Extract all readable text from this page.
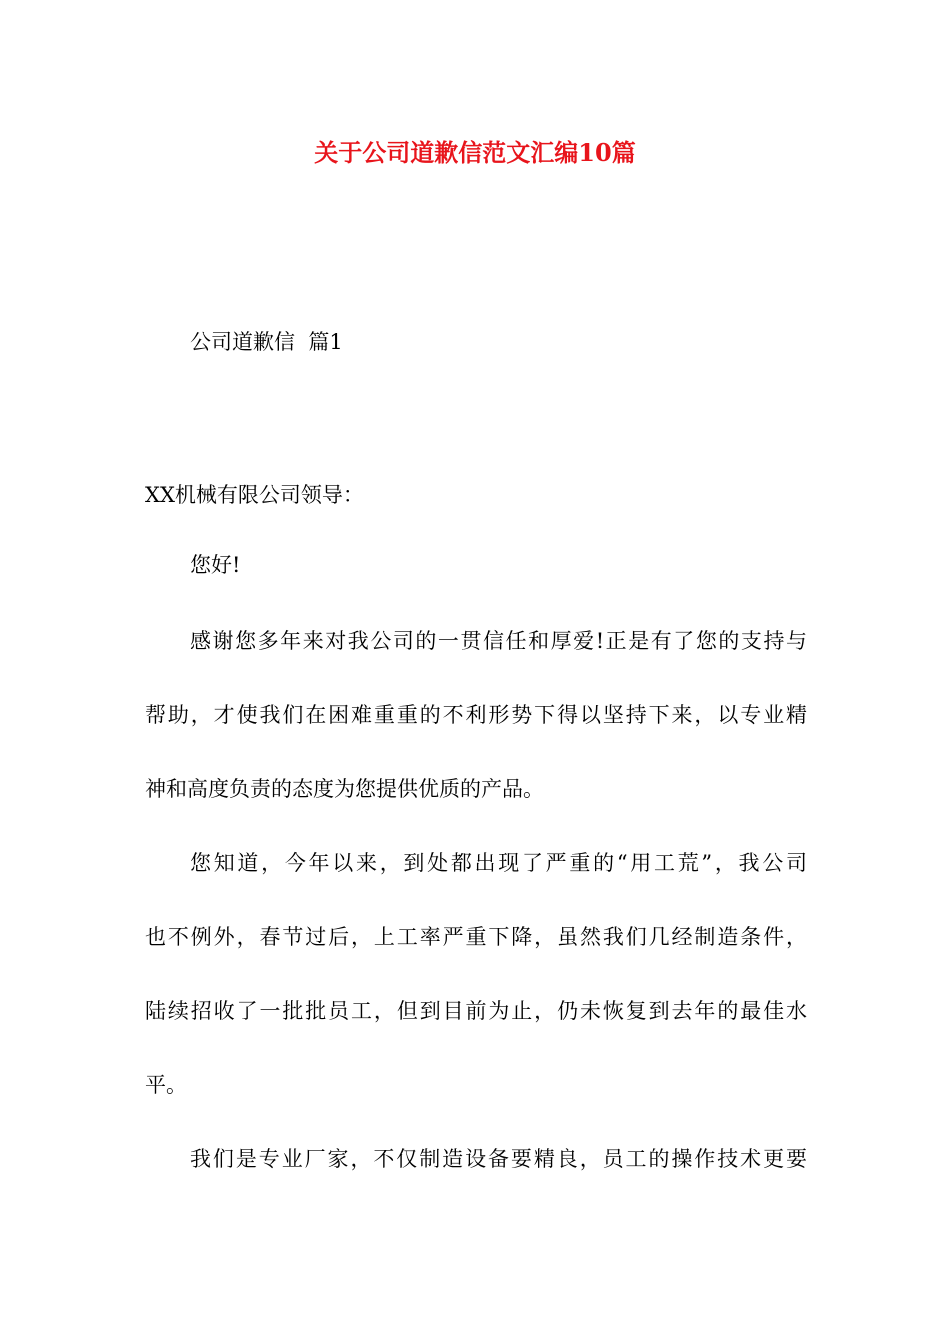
关于公司道歉信范文汇编10篇
公司道歉信  篇1
XX机械有限公司领导：
您好!
感谢您多年来对我公司的一贯信任和厚爱!正是有了您的支持与
帮助，才使我们在困难重重的不利形势下得以坚持下来，以专业精
神和高度负责的态度为您提供优质的产品。
您知道，今年以来，到处都出现了严重的“用工荒”，我公司
也不例外，春节过后，上工率严重下降，虽然我们几经制造条件，
陆续招收了一批批员工，但到目前为止，仍未恢复到去年的最佳水
平。
我们是专业厂家，不仅制造设备要精良，员工的操作技术更要
